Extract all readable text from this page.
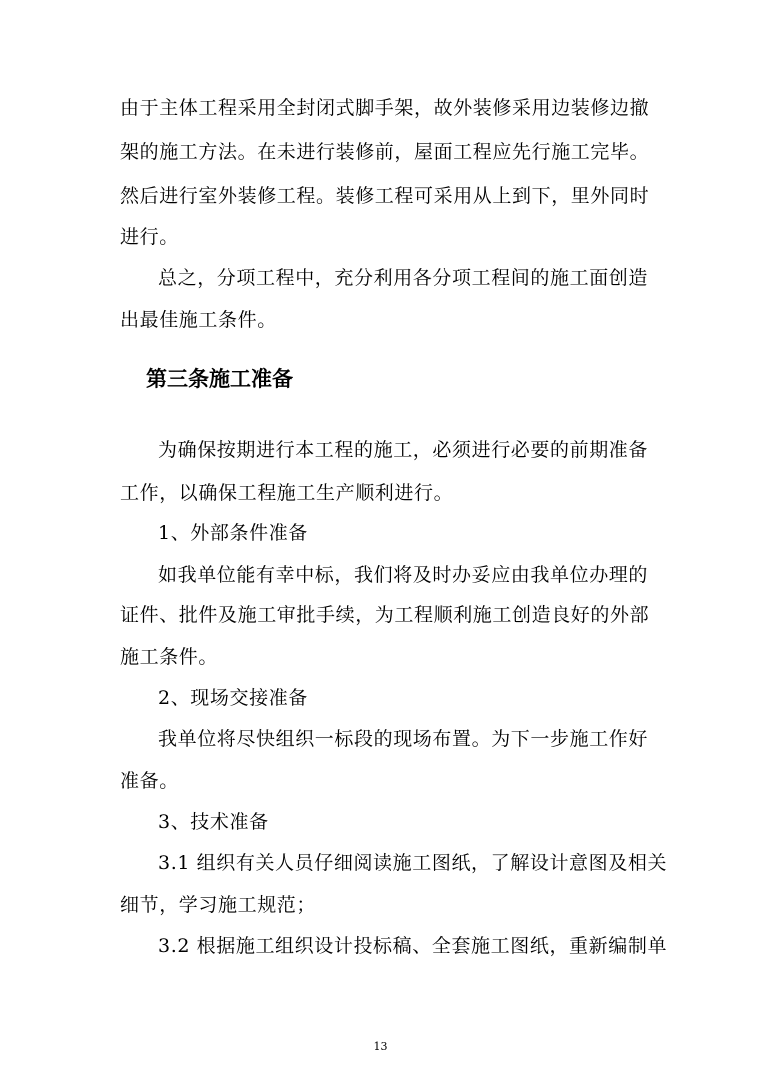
由于主体工程采用全封闭式脚手架，故外装修采用边装修边撤
架的施工方法。在未进行装修前，屋面工程应先行施工完毕。
然后进行室外装修工程。装修工程可采用从上到下，里外同时
进行。
总之，分项工程中，充分利用各分项工程间的施工面创造
出最佳施工条件。
第三条施工准备
为确保按期进行本工程的施工，必须进行必要的前期准备
工作，以确保工程施工生产顺利进行。
1、外部条件准备
如我单位能有幸中标，我们将及时办妥应由我单位办理的
证件、批件及施工审批手续，为工程顺利施工创造良好的外部
施工条件。
2、现场交接准备
我单位将尽快组织一标段的现场布置。为下一步施工作好
准备。
3、技术准备
3.1 组织有关人员仔细阅读施工图纸，了解设计意图及相关
细节，学习施工规范；
3.2 根据施工组织设计投标稿、全套施工图纸，重新编制单
13
